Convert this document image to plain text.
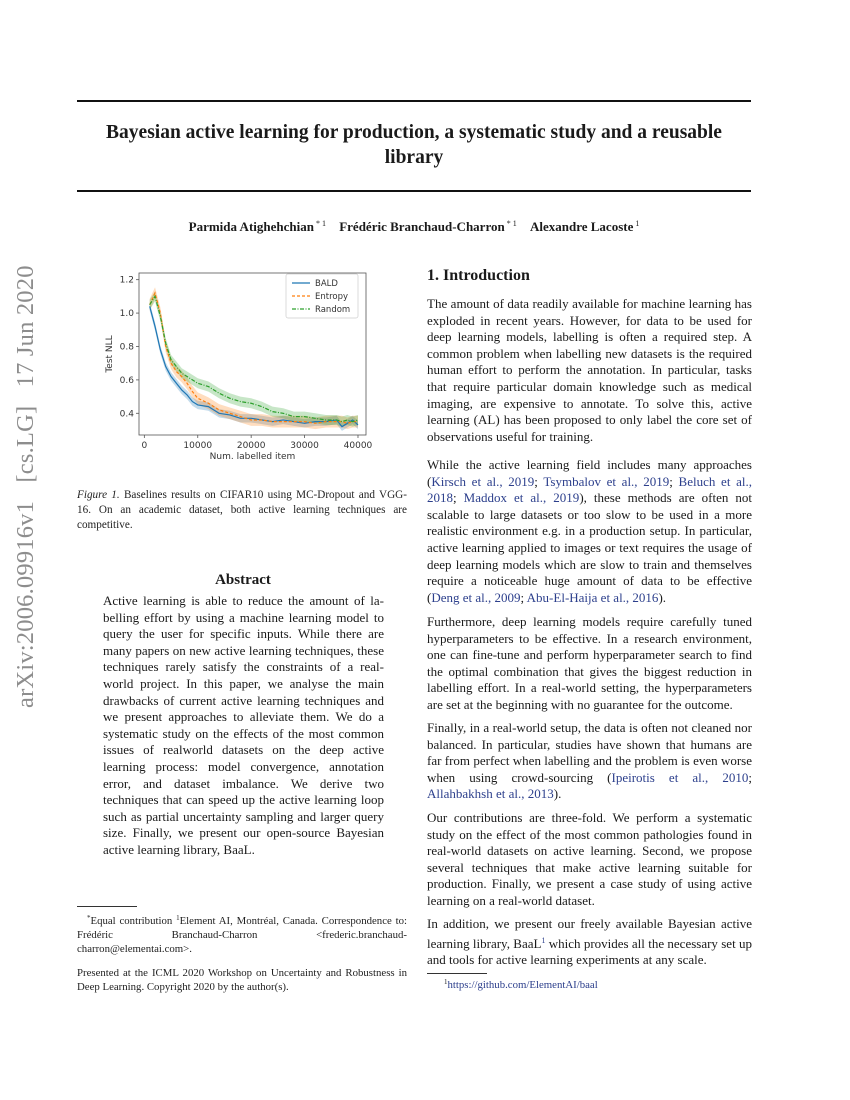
Bayesian active learning for production, a systematic study and a reusable library
Parmida Atighehchian $^{* 1}$ Frédéric Branchaud-Charron $^{* 1}$ Alexandre Lacoste $^1$
arXiv:2006.09916v1 [cs.LG] 17 Jun 2020
0.4
0.6
0.8
1.0
1.2
0	10000	20000	30000	40000
Num. labelled item
Test NLL
BALD
Entropy
Random
Figure 1. Baselines results on CIFAR10 using MC-Dropout and VGG-16. On an academic dataset, both active learning techniques are competitive.
Abstract
Active learning is able to reduce the amount of labelling effort by using a machine learning model to query the user for specific inputs. While there are many papers on new active learning techniques, these techniques rarely satisfy the constraints of a real-world project. In this paper, we analyse the main drawbacks of current active learning techniques and we present approaches to alleviate them. We do a systematic study on the effects of the most common issues of realworld datasets on the deep active learning process: model convergence, annotation error, and dataset imbalance. We derive two techniques that can speed up the active learning loop such as partial uncertainty sampling and larger query size. Finally, we present our open-source Bayesian active learning library, BaaL.
*Equal contribution $^1$Element AI, Montréal, Canada. Correspondence to: Frédéric Branchaud-Charron <frederic.branchaud-charron@elementai.com>.
Presented at the ICML 2020 Workshop on Uncertainty and Robustness in Deep Learning. Copyright 2020 by the author(s).
1. Introduction
The amount of data readily available for machine learning has exploded in recent years. However, for data to be used for deep learning models, labelling is often a required step. A common problem when labelling new datasets is the required human effort to perform the annotation. In particular, tasks that require particular domain knowledge such as medical imaging, are expensive to annotate. To solve this, active learning (AL) has been proposed to only label the core set of observations useful for training.
While the active learning field includes many approaches (Kirsch et al., 2019; Tsymbalov et al., 2019; Beluch et al., 2018; Maddox et al., 2019), these methods are often not scalable to large datasets or too slow to be used in a more realistic environment e.g. in a production setup. In particular, active learning applied to images or text requires the usage of deep learning models which are slow to train and themselves require a noticeable huge amount of data to be effective (Deng et al., 2009; Abu-El-Haija et al., 2016).
Furthermore, deep learning models require carefully tuned hyperparameters to be effective. In a research environment, one can fine-tune and perform hyperparameter search to find the optimal combination that gives the biggest reduction in labelling effort. In a real-world setting, the hyperparameters are set at the beginning with no guarantee for the outcome.
Finally, in a real-world setup, the data is often not cleaned nor balanced. In particular, studies have shown that humans are far from perfect when labelling and the problem is even worse when using crowd-sourcing (Ipeirotis et al., 2010; Allahbakhsh et al., 2013).
Our contributions are three-fold. We perform a systematic study on the effect of the most common pathologies found in real-world datasets on active learning. Second, we propose several techniques that make active learning suitable for production. Finally, we present a case study of using active learning on a real-world dataset.
In addition, we present our freely available Bayesian active learning library, BaaL$^1$ which provides all the necessary set up and tools for active learning experiments at any scale.
$^1$https://github.com/ElementAI/baal
